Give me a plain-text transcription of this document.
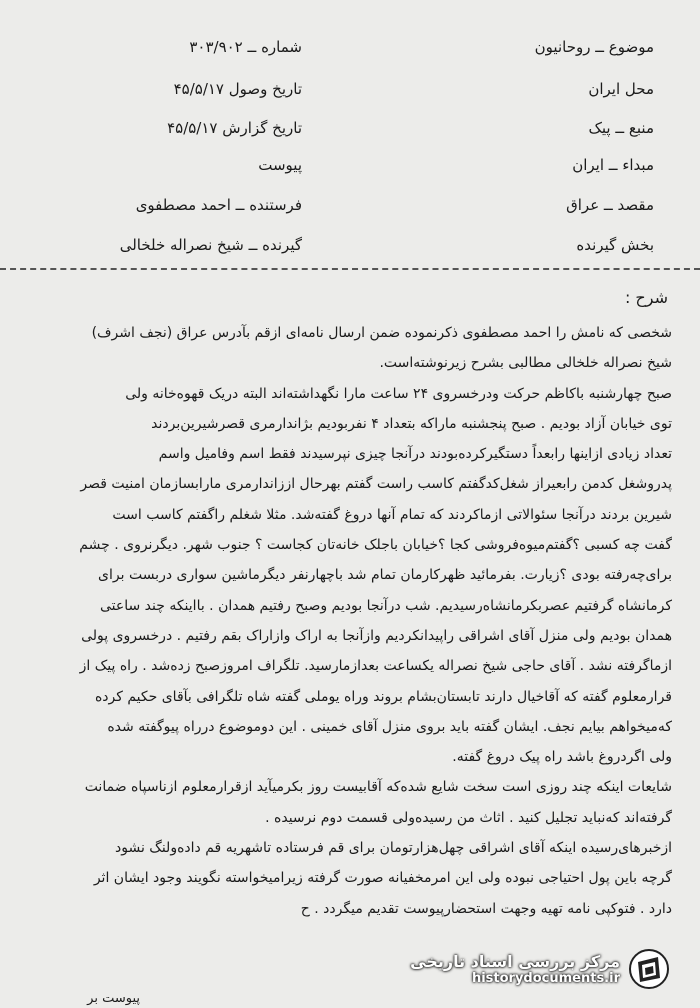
موضوع ــ روحانیون
شماره ــ ۳۰۳/۹۰۲
محل ایران
تاریخ وصول ۴۵/۵/۱۷
منبع ــ پیک
تاریخ گزارش ۴۵/۵/۱۷
مبداء ــ ایران
پیوست
مقصد ــ عراق
فرستنده ــ احمد مصطفوی
بخش گیرنده
گیرنده ــ شیخ نصراله خلخالی
شرح :
شخصی که نامش را احمد مصطفوی ذکرنموده ضمن ارسال نامه‌ای ازقم بآدرس عراق (نجف اشرف)
شیخ نصراله خلخالی مطالبی بشرح زیرنوشته‌است.
صبح چهارشنبه باکاظم حرکت ودرخسروی ۲۴ ساعت مارا نگهداشته‌اند البته دریک قهوه‌خانه ولی
توی خیابان آزاد بودیم . صبح پنجشنبه ماراکه بتعداد ۴ نفربودیم بژاندارمری قصرشیرین‌بردند
تعداد زیادی ازاینها رابعداً دستگیرکرده‌بودند درآنجا چیزی نپرسیدند فقط اسم وفامیل واسم
پدروشغل کدمن رابعیراز شغل‌کدگفتم کاسب راست گفتم بهرحال اززاندارمری مارابسازمان امنیت قصر
شیرین بردند درآنجا سئوالاتی ازماکردند که تمام آنها دروغ گفته‌شد. مثلا شغلم راگفتم کاسب است
گفت چه کسبی ؟گفتم‌میوه‌فروشی کجا ؟خیابان باجلک خانه‌تان کجاست ؟ جنوب شهر. دیگرنروی . چشم
برای‌چه‌رفته بودی ؟زیارت. بفرمائید ظهرکارمان تمام شد باچهارنفر دیگرماشین سواری دربست برای
کرمانشاه گرفتیم عصربکرمانشاه‌رسیدیم. شب درآنجا بودیم وصبح رفتیم همدان . بااینکه چند ساعتی
همدان بودیم ولی منزل آقای اشراقی راپیدانکردیم وازآنجا به اراک وازاراک بقم رفتیم . درخسروی پولی
ازماگرفته نشد . آقای حاجی شیخ نصراله یکساعت بعدازمارسید. تلگراف امروزصبح زده‌شد . راه پیک از
قرارمعلوم گفته که آقاخیال دارند تابستان‌بشام بروند وراه یوملی گفته شاه تلگرافی بآقای حکیم کرده
که‌میخواهم بیایم نجف. ایشان گفته باید بروی منزل آقای خمینی . این دوموضوع درراه پیوگفته شده
ولی اگردروغ باشد راه پیک دروغ گفته.
شایعات اینکه چند روزی است سخت شایع شده‌که آقابیست روز بکرمیآید ازقرارمعلوم ازناسپاه ضمانت
گرفته‌اند که‌نباید تجلیل کنید . اثاث من رسیده‌ولی قسمت دوم نرسیده .
ازخبرهای‌رسیده اینکه آقای اشراقی چهل‌هزارتومان برای قم فرستاده تاشهریه قم داده‌ولنگ نشود
گرچه باین پول احتیاجی نبوده ولی این امرمخفیانه صورت گرفته زیرامیخواسته نگویند وجود ایشان اثر
دارد . فتوکپی نامه تهیه وجهت استحضارپیوست تقدیم میگردد . ح
پیوست بر
مرکز بررسی اسناد تاریخی
historydocuments.ir
